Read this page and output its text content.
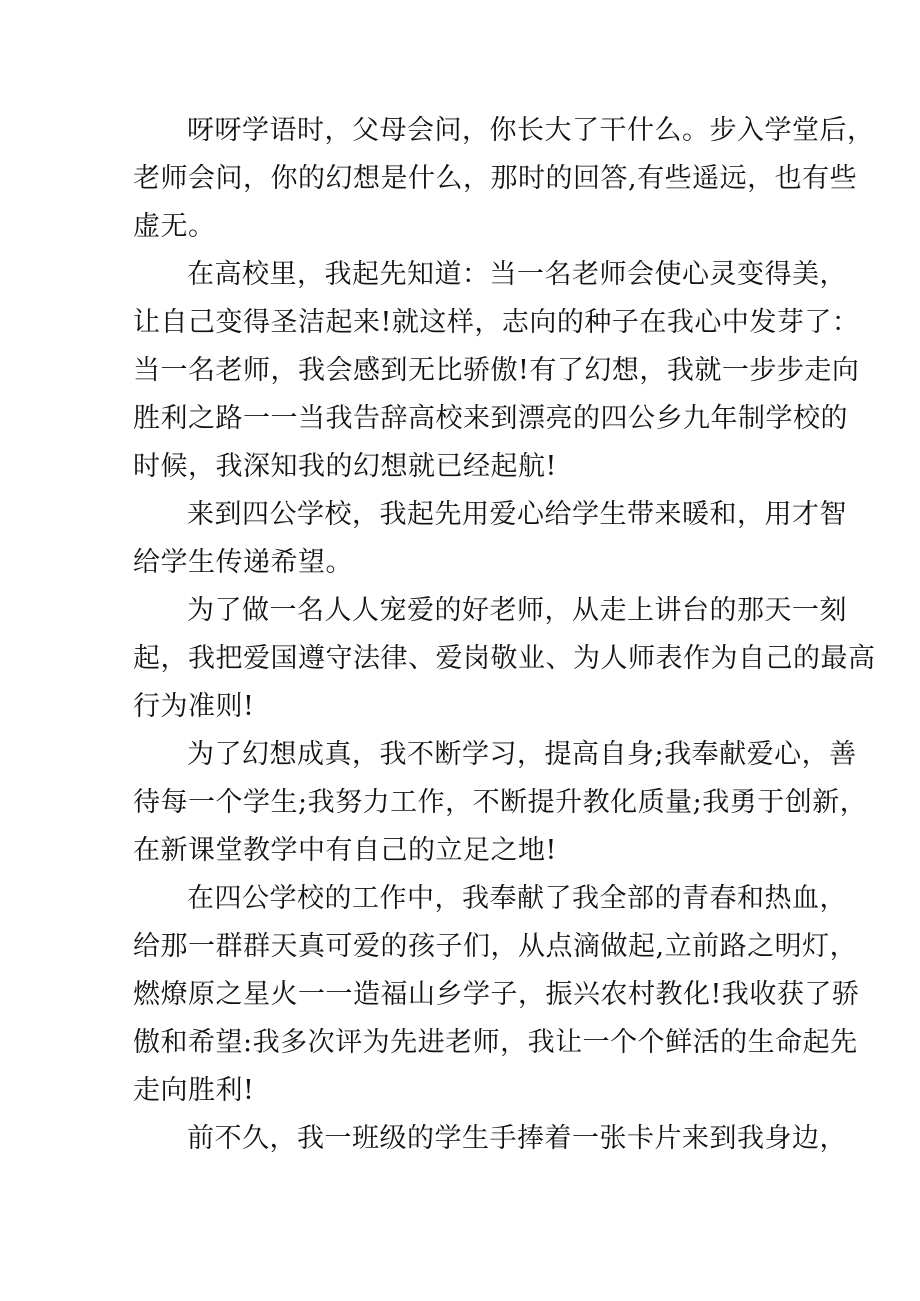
呀呀学语时，父母会问，你长大了干什么。步入学堂后，
老师会问，你的幻想是什么，那时的回答,有些遥远，也有些
虚无。
在高校里，我起先知道：当一名老师会使心灵变得美，
让自己变得圣洁起来!就这样，志向的种子在我心中发芽了：
当一名老师，我会感到无比骄傲!有了幻想，我就一步步走向
胜利之路一一当我告辞高校来到漂亮的四公乡九年制学校的
时候，我深知我的幻想就已经起航!
来到四公学校，我起先用爱心给学生带来暖和，用才智
给学生传递希望。
为了做一名人人宠爱的好老师，从走上讲台的那天一刻
起，我把爱国遵守法律、爱岗敬业、为人师表作为自己的最高
行为准则!
为了幻想成真，我不断学习，提高自身;我奉献爱心，善
待每一个学生;我努力工作，不断提升教化质量;我勇于创新，
在新课堂教学中有自己的立足之地!
在四公学校的工作中，我奉献了我全部的青春和热血，
给那一群群天真可爱的孩子们，从点滴做起,立前路之明灯，
燃燎原之星火一一造福山乡学子，振兴农村教化!我收获了骄
傲和希望:我多次评为先进老师，我让一个个鲜活的生命起先
走向胜利!
前不久，我一班级的学生手捧着一张卡片来到我身边，
